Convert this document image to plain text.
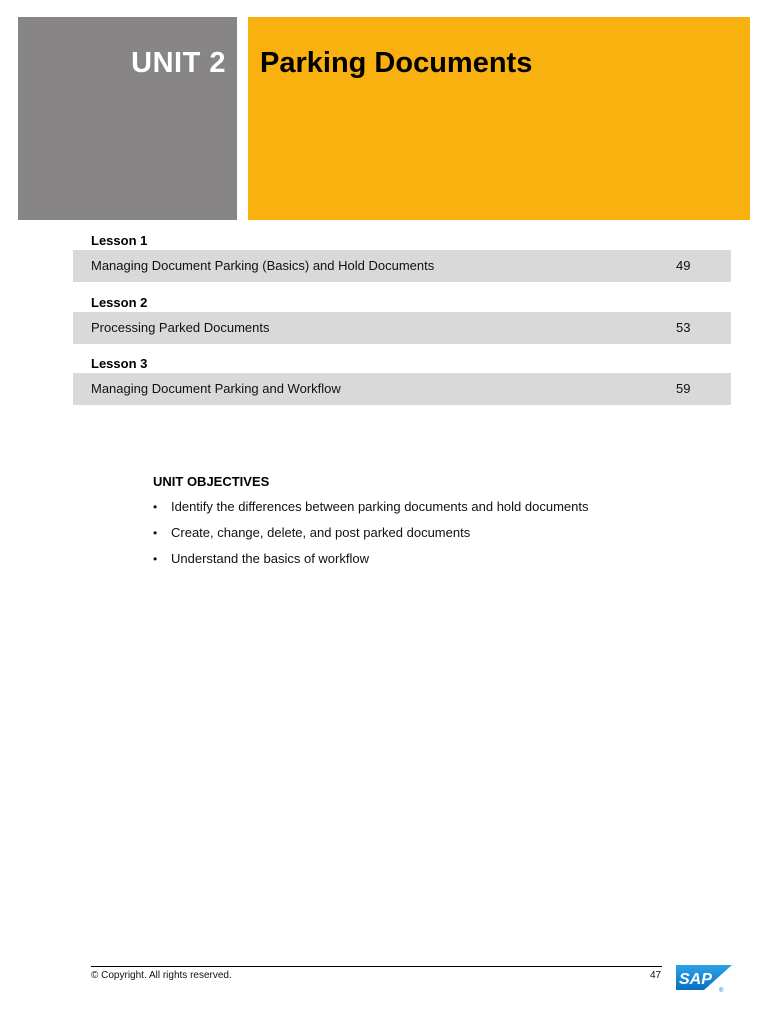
UNIT 2 Parking Documents
Lesson 1
Managing Document Parking (Basics) and Hold Documents	49
Lesson 2
Processing Parked Documents	53
Lesson 3
Managing Document Parking and Workflow	59
UNIT OBJECTIVES
• Identify the differences between parking documents and hold documents
• Create, change, delete, and post parked documents
• Understand the basics of workflow
© Copyright. All rights reserved.	47 SAP
®
